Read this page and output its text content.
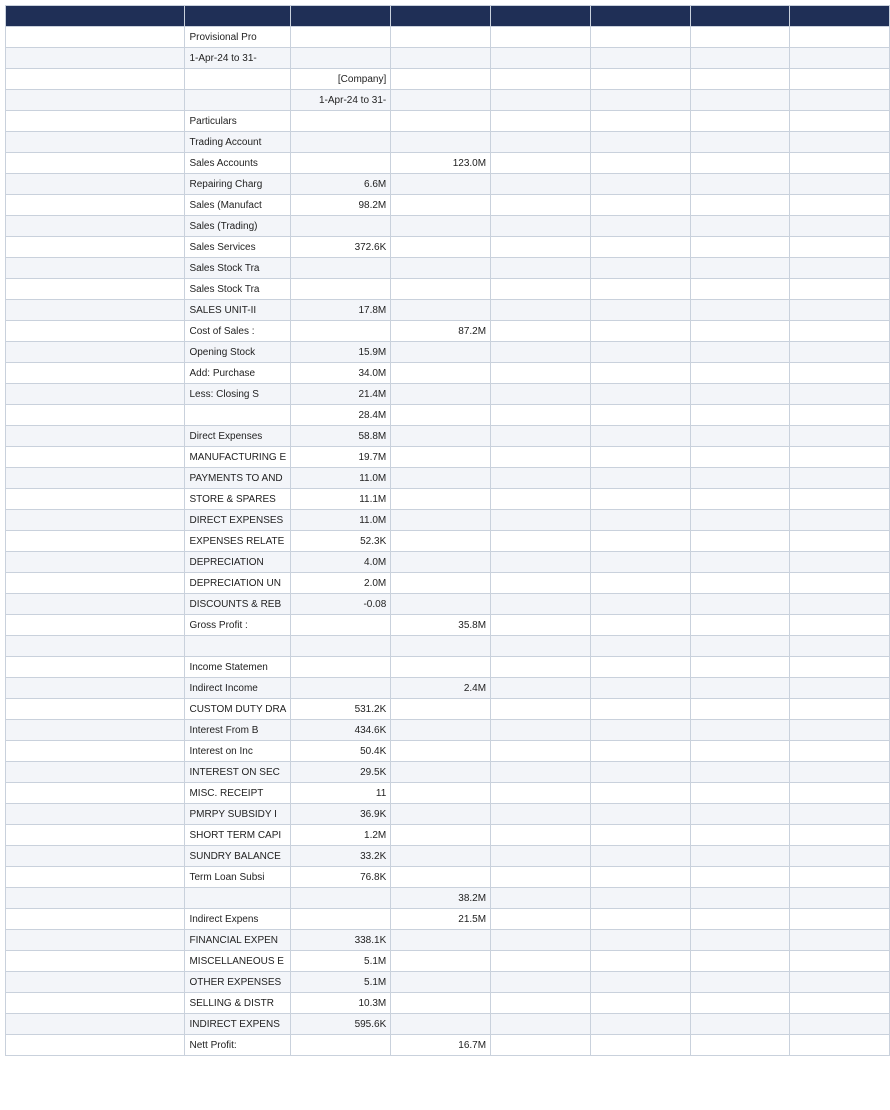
	Provisional Pro						
	1-Apr-24 to 31-						
		[Company]					
		1-Apr-24 to 31-					
	Particulars						
	Trading Account						
	Sales Accounts		123.0M				
	Repairing Charg	6.6M					
	Sales (Manufact	98.2M					
	Sales (Trading)						
	Sales Services	372.6K					
	Sales Stock Tra						
	Sales Stock Tra						
	SALES UNIT-II	17.8M					
	Cost of Sales :		87.2M				
	Opening Stock	15.9M					
	Add: Purchase	34.0M					
	Less: Closing S	21.4M					
		28.4M					
	Direct Expenses	58.8M					
	MANUFACTURING E	19.7M					
	PAYMENTS TO AND	11.0M					
	STORE & SPARES	11.1M					
	DIRECT EXPENSES	11.0M					
	EXPENSES RELATE	52.3K					
	DEPRECIATION	4.0M					
	DEPRECIATION UN	2.0M					
	DISCOUNTS & REB	-0.08					
	Gross Profit :		35.8M				

	Income Statemen						
	Indirect Income		2.4M				
	CUSTOM DUTY DRA	531.2K					
	Interest From B	434.6K					
	Interest on Inc	50.4K					
	INTEREST ON SEC	29.5K					
	MISC. RECEIPT	11					
	PMRPY SUBSIDY I	36.9K					
	SHORT TERM CAPI	1.2M					
	SUNDRY BALANCE	33.2K					
	Term Loan Subsi	76.8K					
			38.2M				
	Indirect Expens		21.5M				
	FINANCIAL EXPEN	338.1K					
	MISCELLANEOUS E	5.1M					
	OTHER EXPENSES	5.1M					
	SELLING & DISTR	10.3M					
	INDIRECT EXPENS	595.6K					
	Nett Profit:		16.7M				
